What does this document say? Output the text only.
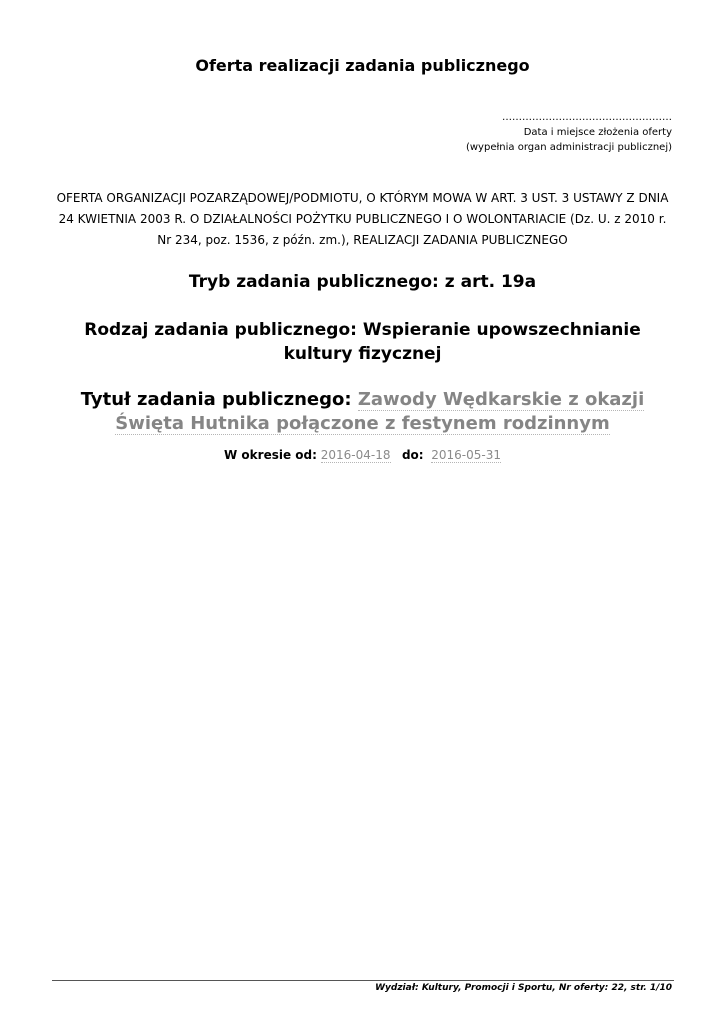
Oferta realizacji zadania publicznego
……………………………………………
Data i miejsce złożenia oferty
(wypełnia organ administracji publicznej)
OFERTA ORGANIZACJI POZARZĄDOWEJ/PODMIOTU, O KTÓRYM MOWA W ART. 3 UST. 3 USTAWY Z DNIA 24 KWIETNIA 2003 R. O DZIAŁALNOŚCI POŻYTKU PUBLICZNEGO I O WOLONTARIACIE (Dz. U. z 2010 r. Nr 234, poz. 1536, z późn. zm.), REALIZACJI ZADANIA PUBLICZNEGO
Tryb zadania publicznego: z art. 19a
Rodzaj zadania publicznego: Wspieranie upowszechnianie kultury fizycznej
Tytuł zadania publicznego: Zawody Wędkarskie z okazji Święta Hutnika połączone z festynem rodzinnym
W okresie od: 2016-04-18 do: 2016-05-31
Wydział: Kultury, Promocji i Sportu, Nr oferty: 22, str. 1/10
